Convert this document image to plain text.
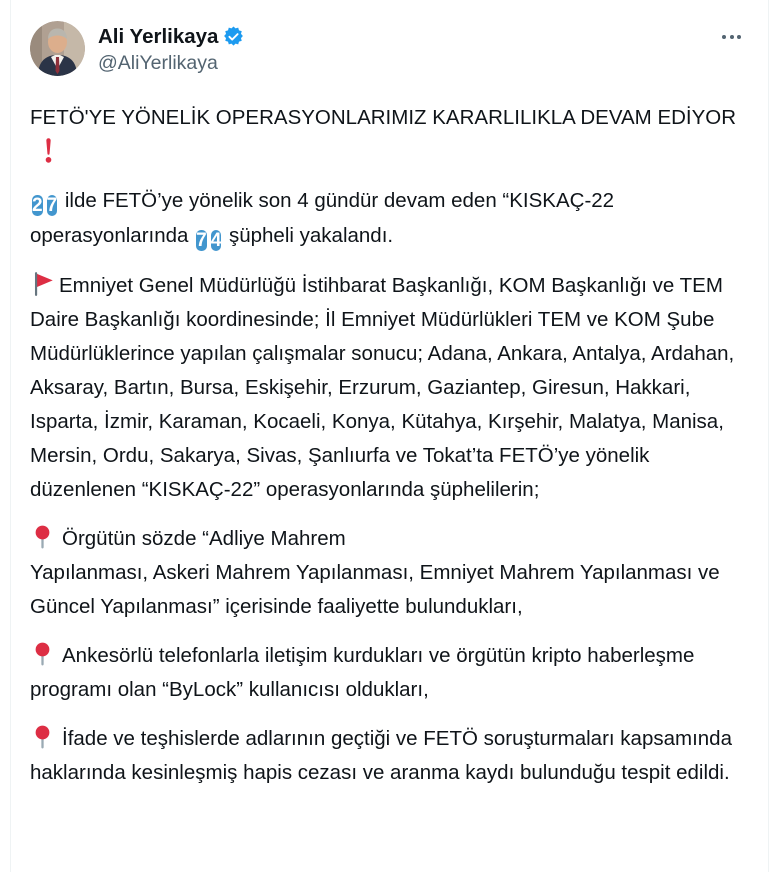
Ali Yerlikaya
@AliYerlikaya
FETÖ'YE YÖNELİK OPERASYONLARIMIZ KARARLILIKLA DEVAM EDİYOR

2 7 ilde FETÖ’ye yönelik son 4 gündür devam eden “KISKAÇ-22 operasyonlarında 7 4 şüpheli yakalandı.
Emniyet Genel Müdürlüğü İstihbarat Başkanlığı, KOM Başkanlığı ve TEM Daire Başkanlığı koordinesinde; İl Emniyet Müdürlükleri TEM ve KOM Şube Müdürlüklerince yapılan çalışmalar sonucu; Adana, Ankara, Antalya, Ardahan, Aksaray, Bartın, Bursa, Eskişehir, Erzurum, Gaziantep, Giresun, Hakkari, Isparta, İzmir, Karaman, Kocaeli, Konya, Kütahya, Kırşehir, Malatya, Manisa, Mersin, Ordu, Sakarya, Sivas, Şanlıurfa ve Tokat’ta FETÖ’ye yönelik düzenlenen “KISKAÇ-22” operasyonlarında şüphelilerin;
Örgütün sözde “Adliye Mahrem
Yapılanması, Askeri Mahrem Yapılanması, Emniyet Mahrem Yapılanması ve Güncel Yapılanması” içerisinde faaliyette bulundukları,
Ankesörlü telefonlarla iletişim kurdukları ve örgütün kripto haberleşme programı olan “ByLock” kullanıcısı oldukları,
İfade ve teşhislerde adlarının geçtiği ve FETÖ soruşturmaları kapsamında haklarında kesinleşmiş hapis cezası ve aranma kaydı bulunduğu tespit edildi.
